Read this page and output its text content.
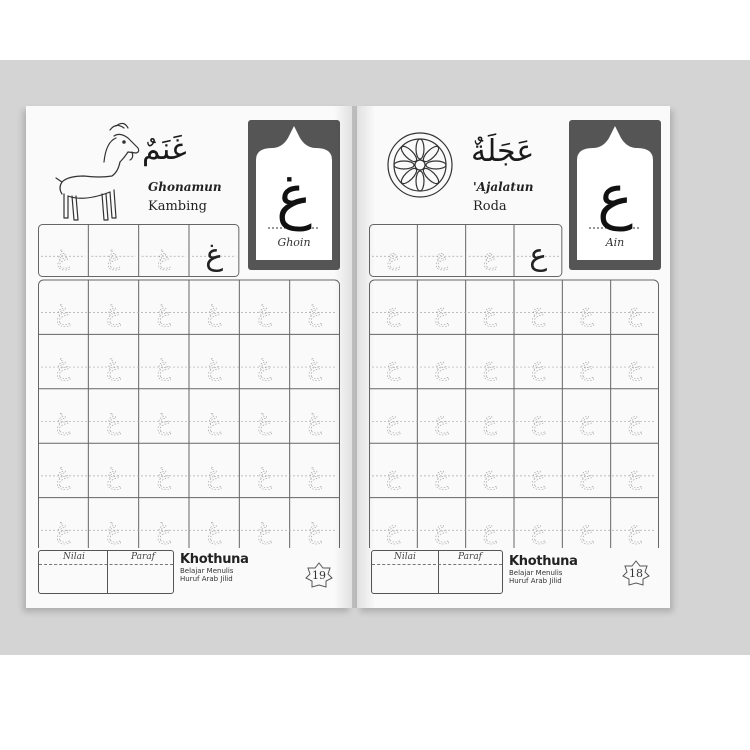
غَنَمٌ
Ghonamun
Kambing	غ
Ghoin
غ غ غ غ
غ غ غ غ غ غ
غ غ غ غ غ غ
غ غ غ غ غ غ
غ غ غ غ غ غ
غ غ غ غ غ غ
Nilai	Paraf Khothuna
Belajar Menulis
Huruf Arab Jilid	19
عَجَلَةٌ
'Ajalatun
Roda	ع
Ain
ع ع ع ع
ع ع ع ع ع ع
ع ع ع ع ع ع
ع ع ع ع ع ع
ع ع ع ع ع ع
ع ع ع ع ع ع
Nilai	Paraf Khothuna
Belajar Menulis
Huruf Arab Jilid
18
